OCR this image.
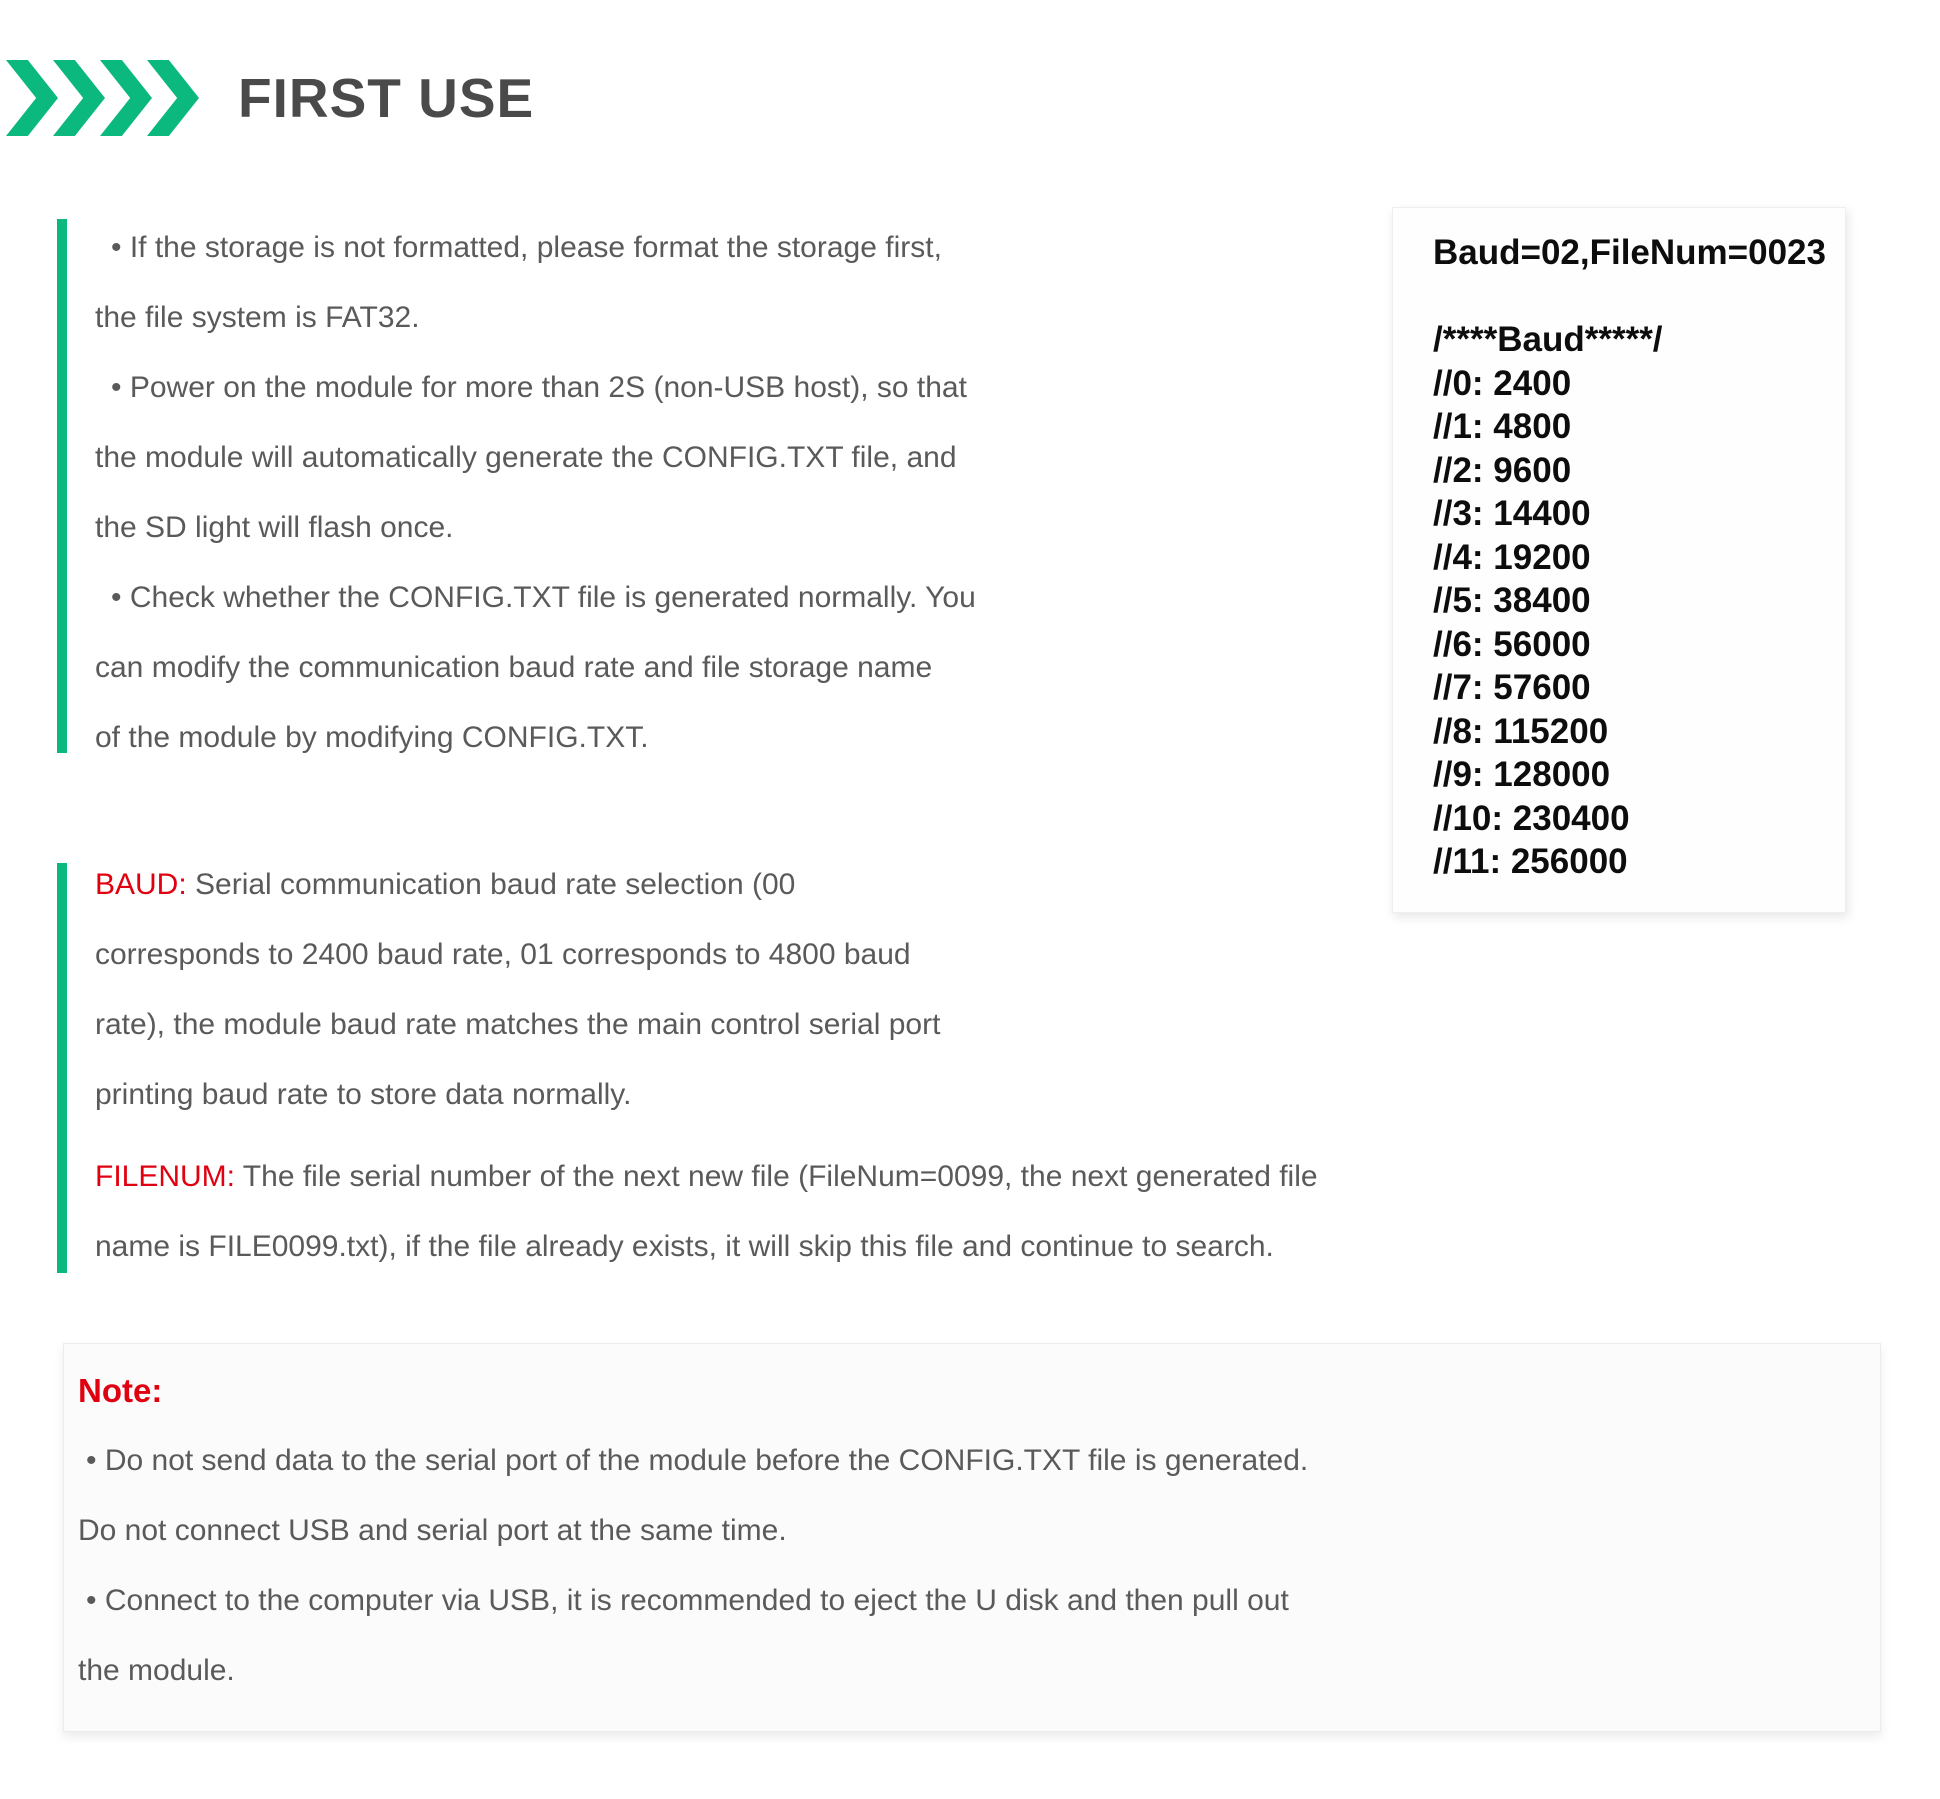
FIRST USE
• If the storage is not formatted, please format the storage first,
the file system is FAT32.
• Power on the module for more than 2S (non-USB host), so that
the module will automatically generate the CONFIG.TXT file, and
the SD light will flash once.
• Check whether the CONFIG.TXT file is generated normally. You
can modify the communication baud rate and file storage name
of the module by modifying CONFIG.TXT.
Baud=02,FileNum=0023
/****Baud*****/
//0: 2400
//1: 4800
//2: 9600
//3: 14400
//4: 19200
//5: 38400
//6: 56000
//7: 57600
//8: 115200
//9: 128000
//10: 230400
//11: 256000
BAUD: Serial communication baud rate selection (00
corresponds to 2400 baud rate, 01 corresponds to 4800 baud
rate), the module baud rate matches the main control serial port
printing baud rate to store data normally.
FILENUM: The file serial number of the next new file (FileNum=0099, the next generated file
name is FILE0099.txt), if the file already exists, it will skip this file and continue to search.
Note:
• Do not send data to the serial port of the module before the CONFIG.TXT file is generated.
Do not connect USB and serial port at the same time.
• Connect to the computer via USB, it is recommended to eject the U disk and then pull out
the module.
